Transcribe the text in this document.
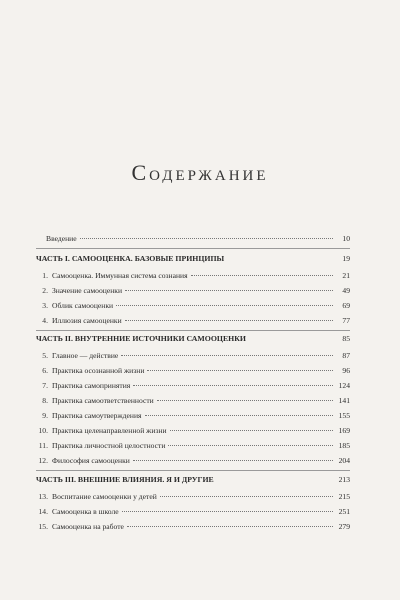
Содержание
Введение	10
ЧАСТЬ I. САМООЦЕНКА. БАЗОВЫЕ ПРИНЦИПЫ	19
1. Самооценка. Иммунная система сознания	21
2. Значение самооценки	49
3. Облик самооценки	69
4. Иллюзия самооценки	77
ЧАСТЬ II. ВНУТРЕННИЕ ИСТОЧНИКИ САМООЦЕНКИ	85
5. Главное — действие	87
6. Практика осознанной жизни	96
7. Практика самопринятия	124
8. Практика самоответственности	141
9. Практика самоутверждения	155
10. Практика целенаправленной жизни	169
11. Практика личностной целостности	185
12. Философия самооценки	204
ЧАСТЬ III. ВНЕШНИЕ ВЛИЯНИЯ. Я И ДРУГИЕ	213
13. Воспитание самооценки у детей	215
14. Самооценка в школе	251
15. Самооценка на работе	279
